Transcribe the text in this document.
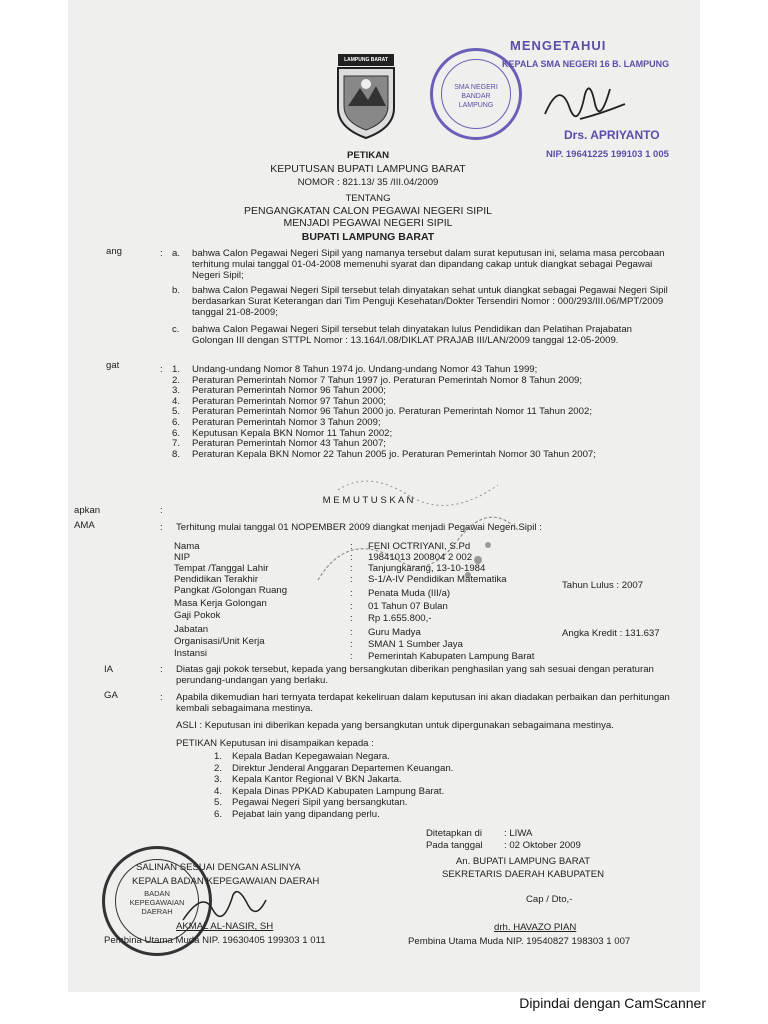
LAMPUNG BARAT
PETIKAN
KEPUTUSAN BUPATI LAMPUNG BARAT
NOMOR : 821.13/ 35 /III.04/2009
TENTANG
PENGANGKATAN CALON PEGAWAI NEGERI SIPIL
MENJADI PEGAWAI NEGERI SIPIL
BUPATI LAMPUNG BARAT
SMA NEGERI BANDAR LAMPUNG
MENGETAHUI
KEPALA SMA NEGERI 16 B. LAMPUNG
Drs. APRIYANTO
NIP. 19641225 199103 1 005
ang	: a. bahwa Calon Pegawai Negeri Sipil yang namanya tersebut dalam surat keputusan ini, selama masa percobaan terhitung mulai tanggal 01-04-2008 memenuhi syarat dan dipandang cakap untuk diangkat sebagai Pegawai Negeri Sipil;
b. bahwa Calon Pegawai Negeri Sipil tersebut telah dinyatakan sehat untuk diangkat sebagai Pegawai Negeri Sipil berdasarkan Surat Keterangan dari Tim Penguji Kesehatan/Dokter Tersendiri Nomor : 000/293/III.06/MPT/2009 tanggal 21-08-2009;
c. bahwa Calon Pegawai Negeri Sipil tersebut telah dinyatakan lulus Pendidikan dan Pelatihan Prajabatan Golongan III dengan STTPL Nomor : 13.164/I.08/DIKLAT PRAJAB III/LAN/2009 tanggal 12-05-2009.
gat	: 1. Undang-undang Nomor 8 Tahun 1974 jo. Undang-undang Nomor 43 Tahun 1999;
2. Peraturan Pemerintah Nomor 7 Tahun 1997 jo. Peraturan Pemerintah Nomor 8 Tahun 2009;
3. Peraturan Pemerintah Nomor 96 Tahun 2000;
4. Peraturan Pemerintah Nomor 97 Tahun 2000;
5. Peraturan Pemerintah Nomor 96 Tahun 2000 jo. Peraturan Pemerintah Nomor 11 Tahun 2002;
6. Peraturan Pemerintah Nomor 3 Tahun 2009;
6. Keputusan Kepala BKN Nomor 11 Tahun 2002;
7. Peraturan Pemerintah Nomor 43 Tahun 2007;
8. Peraturan Kepala BKN Nomor 22 Tahun 2005 jo. Peraturan Pemerintah Nomor 30 Tahun 2007;
M E M U T U S K A N
apkan	:
AMA	: Terhitung mulai tanggal 01 NOPEMBER 2009 diangkat menjadi Pegawai Negeri Sipil :
Nama	: FENI OCTRIYANI, S.Pd
NIP	: 19841013 200804 2 002
Tempat /Tanggal Lahir	: Tanjungkarang, 13-10-1984
Pendidikan Terakhir	: S-1/A-IV Pendidikan Matematika
Tahun Lulus : 2007
Pangkat /Golongan Ruang	: Penata Muda (III/a)
Masa Kerja Golongan	: 01 Tahun 07 Bulan
Gaji Pokok	: Rp 1.655.800,-
Jabatan	: Guru Madya	Angka Kredit : 131.637
Organisasi/Unit Kerja	: SMAN 1 Sumber Jaya
Instansi	: Pemerintah Kabupaten Lampung Barat
IA	: Diatas gaji pokok tersebut, kepada yang bersangkutan diberikan penghasilan yang sah sesuai dengan peraturan perundang-undangan yang berlaku.
GA	: Apabila dikemudian hari ternyata terdapat kekeliruan dalam keputusan ini akan diadakan perbaikan dan perhitungan kembali sebagaimana mestinya.
ASLI : Keputusan ini diberikan kepada yang bersangkutan untuk dipergunakan sebagaimana mestinya.
PETIKAN Keputusan ini disampaikan kepada :
1. Kepala Badan Kepegawaian Negara.
2. Direktur Jenderal Anggaran Departemen Keuangan.
3. Kepala Kantor Regional V BKN Jakarta.
4. Kepala Dinas PPKAD Kabupaten Lampung Barat.
5. Pegawai Negeri Sipil yang bersangkutan.
6. Pejabat lain yang dipandang perlu.
Ditetapkan di : LIWA
Pada tanggal : 02 Oktober 2009
An. BUPATI LAMPUNG BARAT
SEKRETARIS DAERAH KABUPATEN
Cap / Dto,-
drh. HAVAZO PIAN
Pembina Utama Muda NIP. 19540827 198303 1 007
BADAN KEPEGAWAIAN DAERAH
SALINAN SESUAI DENGAN ASLINYA
KEPALA BADAN KEPEGAWAIAN DAERAH
AKMAL AL-NASIR, SH
Pembina Utama Muda NIP. 19630405 199303 1 011
Dipindai dengan CamScanner
